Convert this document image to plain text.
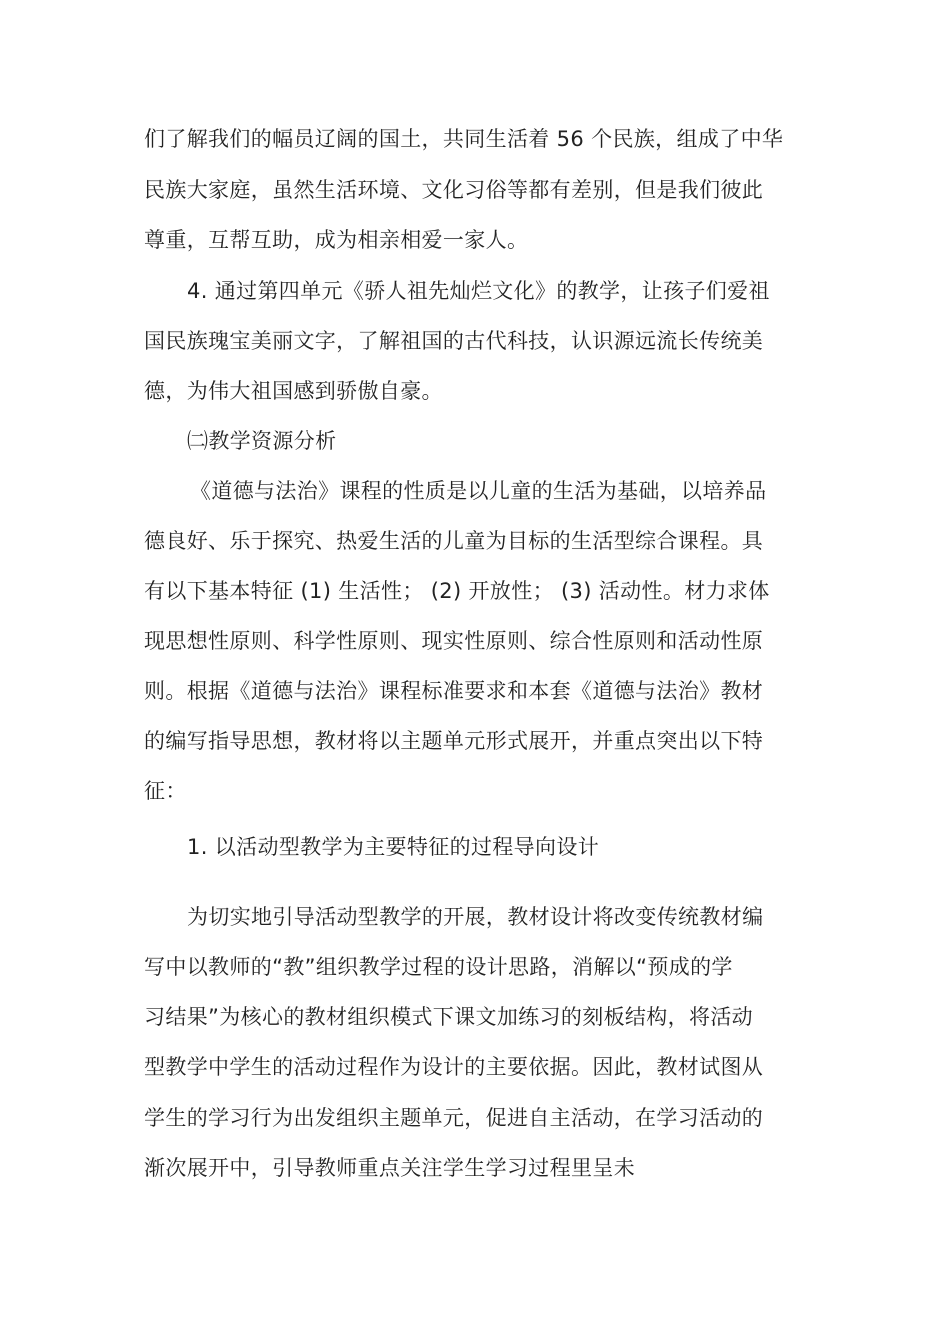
们了解我们的幅员辽阔的国土，共同生活着 56 个民族，组成了中华
民族大家庭，虽然生活环境、文化习俗等都有差别，但是我们彼此
尊重，互帮互助，成为相亲相爱一家人。
4. 通过第四单元《骄人祖先灿烂文化》的教学，让孩子们爱祖
国民族瑰宝美丽文字，了解祖国的古代科技，认识源远流长传统美
德，为伟大祖国感到骄傲自豪。
㈡教学资源分析
《道德与法治》课程的性质是以儿童的生活为基础，以培养品
德良好、乐于探究、热爱生活的儿童为目标的生活型综合课程。具
有以下基本特征 (1) 生活性； (2) 开放性； (3) 活动性。材力求体
现思想性原则、科学性原则、现实性原则、综合性原则和活动性原
则。根据《道德与法治》课程标准要求和本套《道德与法治》教材
的编写指导思想，教材将以主题单元形式展开，并重点突出以下特
征：
1. 以活动型教学为主要特征的过程导向设计
为切实地引导活动型教学的开展，教材设计将改变传统教材编
写中以教师的“教”组织教学过程的设计思路，消解以“预成的学
习结果”为核心的教材组织模式下课文加练习的刻板结构，将活动
型教学中学生的活动过程作为设计的主要依据。因此，教材试图从
学生的学习行为出发组织主题单元，促进自主活动，在学习活动的
渐次展开中，引导教师重点关注学生学习过程里呈未
